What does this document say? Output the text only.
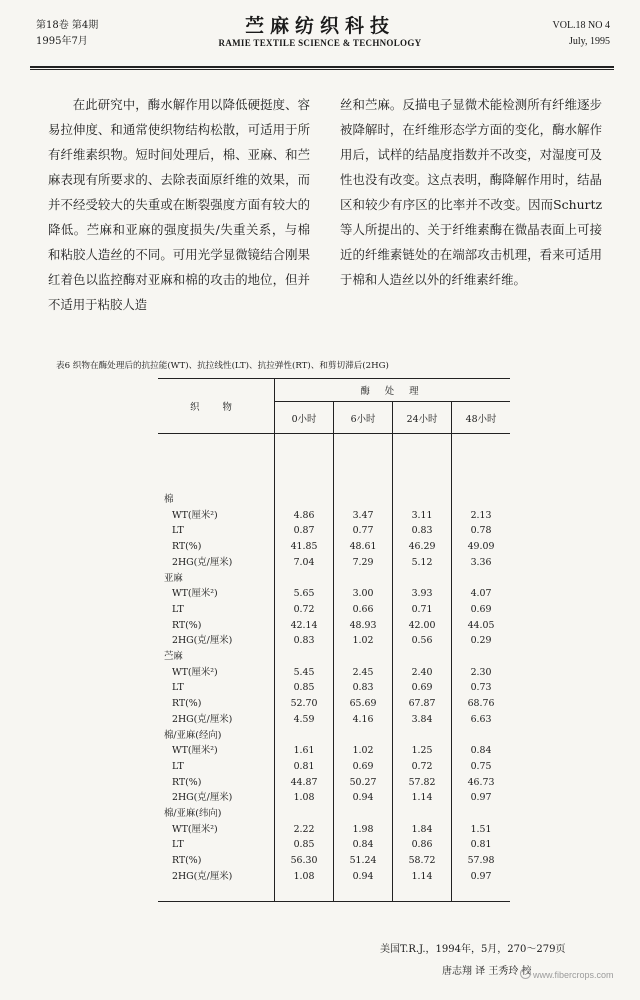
第18卷 第4期
1995年7月
苎麻纺织科技
RAMIE TEXTILE SCIENCE & TECHNOLOGY
VOL.18 NO 4
July, 1995

在此研究中，酶水解作用以降低硬挺度、容易拉伸度、和通常使织物结构松散，可适用于所有纤维素织物。短时间处理后，棉、亚麻、和苎麻表现有所要求的、去除表面原纤维的效果，而并不经受较大的失重或在断裂强度方面有较大的降低。苎麻和亚麻的强度损失/失重关系，与棉和粘胶人造丝的不同。可用光学显微镜结合刚果红着色以监控酶对亚麻和棉的攻击的地位，但并不适用于粘胶人造

丝和苎麻。反描电子显微术能检测所有纤维逐步被降解时，在纤维形态学方面的变化，酶水解作用后，试样的结晶度指数并不改变，对湿度可及性也没有改变。这点表明，酶降解作用时，结晶区和较少有序区的比率并不改变。因而Schurtz等人所提出的、关于纤维素酶在微晶表面上可接近的纤维素链处的在端部攻击机理，看来可适用于棉和人造丝以外的纤维素纤维。

表6 织物在酶处理后的抗拉能(WT)、抗拉线性(LT)、抗拉弹性(RT)、和剪切滞后(2HG)
织 物	酶 处 理			
	0小时	6小时	24小时	48小时

棉				
WT(厘米²)	4.86	3.47	3.11	2.13
LT	0.87	0.77	0.83	0.78
RT(%)	41.85	48.61	46.29	49.09
2HG(克/厘米)	7.04	7.29	5.12	3.36
亚麻				
WT(厘米²)	5.65	3.00	3.93	4.07
LT	0.72	0.66	0.71	0.69
RT(%)	42.14	48.93	42.00	44.05
2HG(克/厘米)	0.83	1.02	0.56	0.29
苎麻				
WT(厘米²)	5.45	2.45	2.40	2.30
LT	0.85	0.83	0.69	0.73
RT(%)	52.70	65.69	67.87	68.76
2HG(克/厘米)	4.59	4.16	3.84	6.63
棉/亚麻(经向)				
WT(厘米²)	1.61	1.02	1.25	0.84
LT	0.81	0.69	0.72	0.75
RT(%)	44.87	50.27	57.82	46.73
2HG(克/厘米)	1.08	0.94	1.14	0.97
棉/亚麻(纬向)				
WT(厘米²)	2.22	1.98	1.84	1.51
LT	0.85	0.84	0.86	0.81
RT(%)	56.30	51.24	58.72	57.98
2HG(克/厘米)	1.08	0.94	1.14	0.97

美国T.R.J.，1994年，5月，270～279页
唐志翔 译 王秀玲 校 www.fibercrops.com
